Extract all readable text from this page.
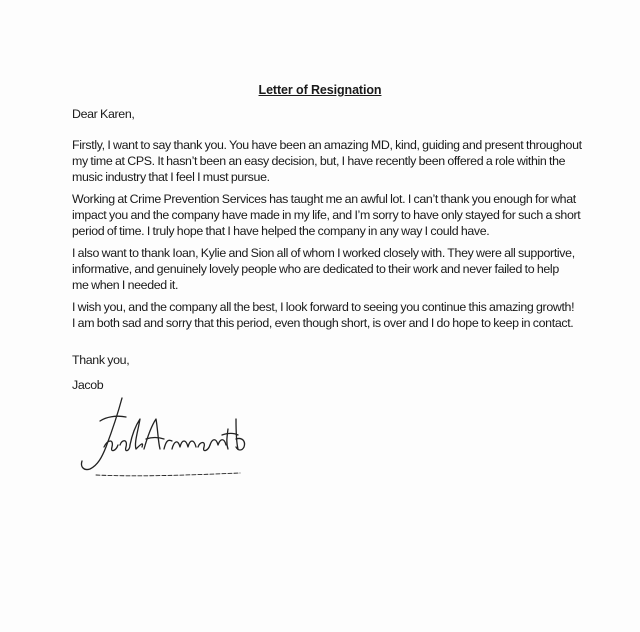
Letter of Resignation
Dear Karen,
Firstly, I want to say thank you. You have been an amazing MD, kind, guiding and present throughout
my time at CPS. It hasn’t been an easy decision, but, I have recently been offered a role within the
music industry that I feel I must pursue.
Working at Crime Prevention Services has taught me an awful lot. I can’t thank you enough for what
impact you and the company have made in my life, and I’m sorry to have only stayed for such a short
period of time. I truly hope that I have helped the company in any way I could have.
I also want to thank Ioan, Kylie and Sion all of whom I worked closely with. They were all supportive,
informative, and genuinely lovely people who are dedicated to their work and never failed to help
me when I needed it.
I wish you, and the company all the best, I look forward to seeing you continue this amazing growth!
I am both sad and sorry that this period, even though short, is over and I do hope to keep in contact.
Thank you,
Jacob
